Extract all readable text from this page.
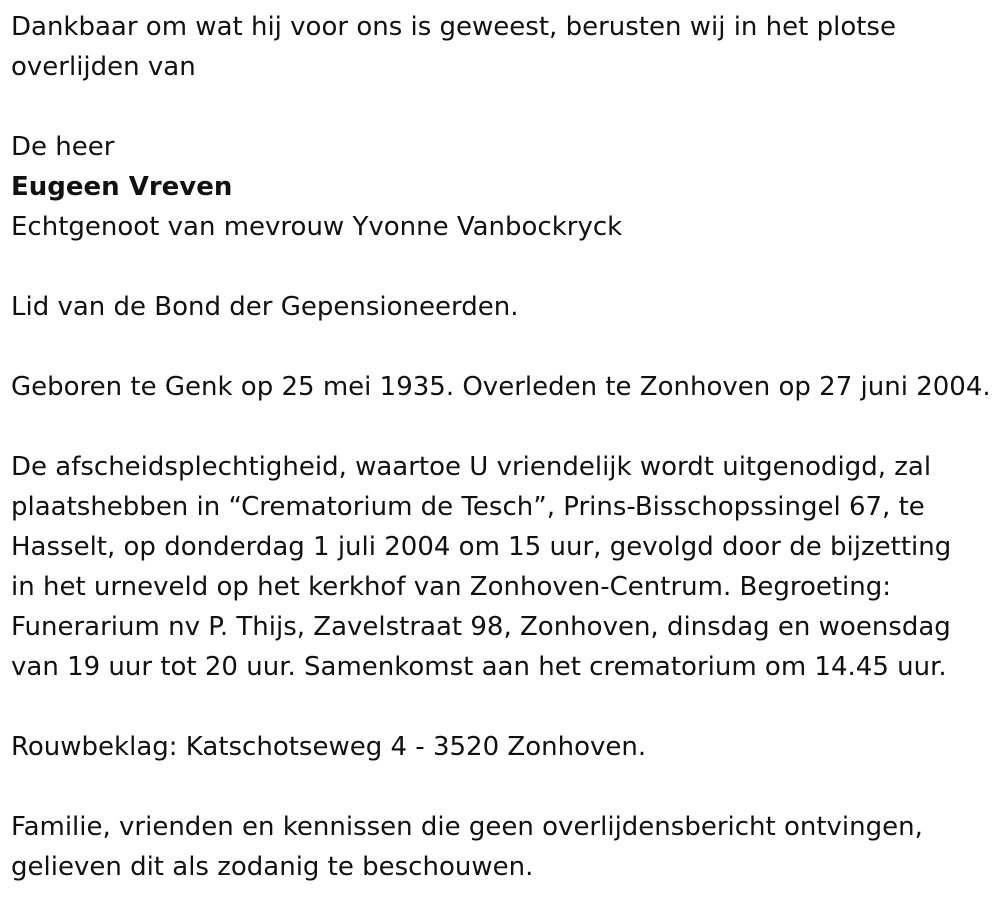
Dankbaar om wat hij voor ons is geweest, berusten wij in het plotse
overlijden van

De heer

Eugeen Vreven

Echtgenoot van mevrouw Yvonne Vanbockryck

Lid van de Bond der Gepensioneerden.

Geboren te Genk op 25 mei 1935. Overleden te Zonhoven op 27 juni 2004.

De afscheidsplechtigheid, waartoe U vriendelijk wordt uitgenodigd, zal
plaatshebben in “Crematorium de Tesch”, Prins-Bisschopssingel 67, te
Hasselt, op donderdag 1 juli 2004 om 15 uur, gevolgd door de bijzetting
in het urneveld op het kerkhof van Zonhoven-Centrum. Begroeting:
Funerarium nv P. Thijs, Zavelstraat 98, Zonhoven, dinsdag en woensdag
van 19 uur tot 20 uur. Samenkomst aan het crematorium om 14.45 uur.

Rouwbeklag: Katschotseweg 4 - 3520 Zonhoven.

Familie, vrienden en kennissen die geen overlijdensbericht ontvingen,
gelieven dit als zodanig te beschouwen.
